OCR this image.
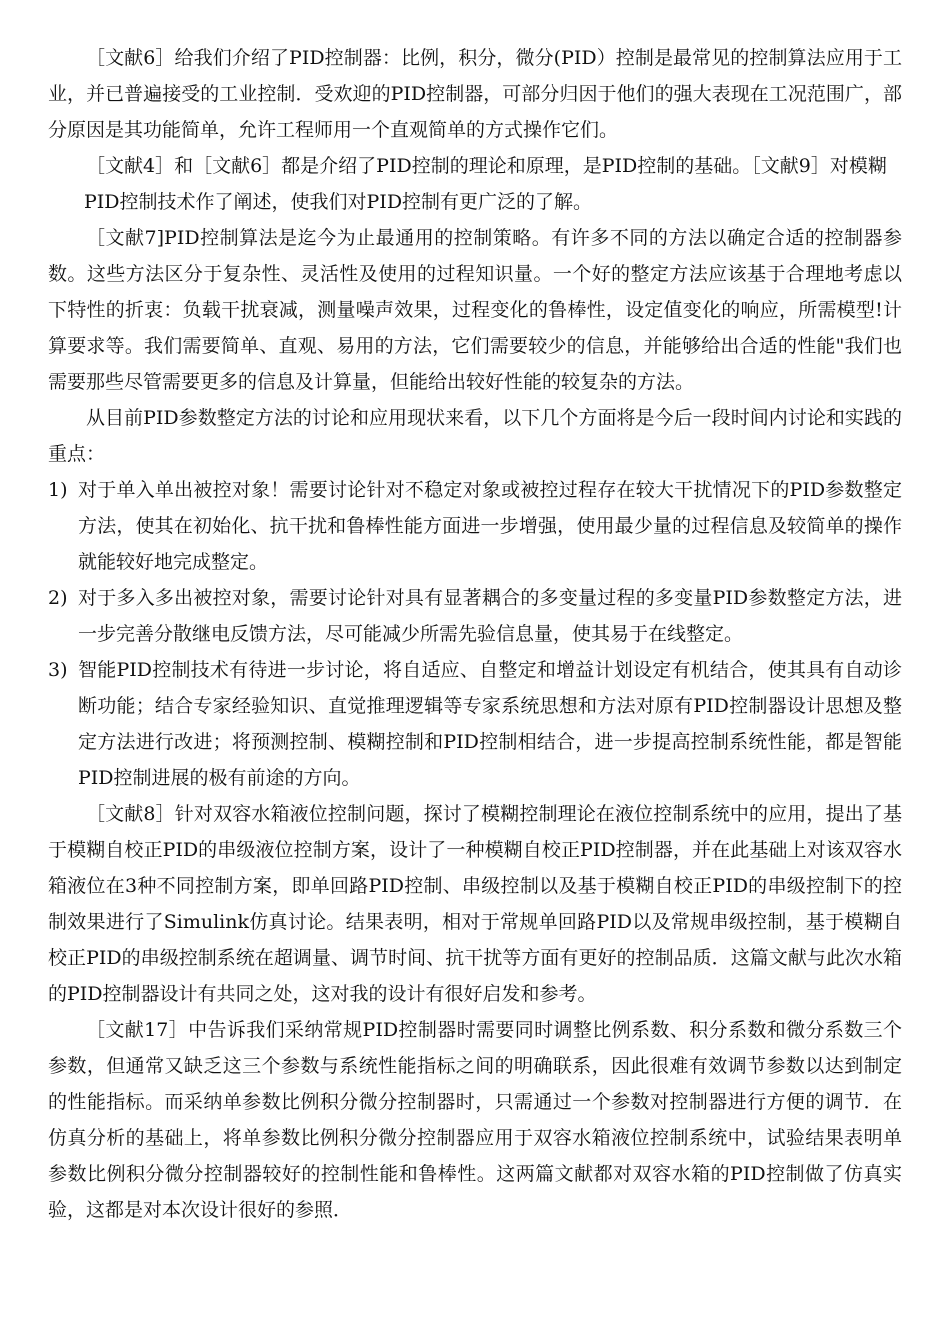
［文献6］给我们介绍了PID控制器：比例，积分，微分(PID）控制是最常见的控制算法应用于工业，并已普遍接受的工业控制．受欢迎的PID控制器，可部分归因于他们的强大表现在工况范围广，部分原因是其功能简单，允许工程师用一个直观简单的方式操作它们。

［文献4］和［文献6］都是介绍了PID控制的理论和原理，是PID控制的基础。［文献9］对模糊

PID控制技术作了阐述，使我们对PID控制有更广泛的了解。

［文献7]PID控制算法是迄今为止最通用的控制策略。有许多不同的方法以确定合适的控制器参数。这些方法区分于复杂性、灵活性及使用的过程知识量。一个好的整定方法应该基于合理地考虑以下特性的折衷：负载干扰衰减，测量噪声效果，过程变化的鲁棒性，设定值变化的响应，所需模型!计算要求等。我们需要简单、直观、易用的方法，它们需要较少的信息，并能够给出合适的性能"我们也需要那些尽管需要更多的信息及计算量，但能给出较好性能的较复杂的方法。

从目前PID参数整定方法的讨论和应用现状来看，以下几个方面将是今后一段时间内讨论和实践的重点：

1) 对于单入单出被控对象！需要讨论针对不稳定对象或被控过程存在较大干扰情况下的PID参数整定方法，使其在初始化、抗干扰和鲁棒性能方面进一步增强，使用最少量的过程信息及较简单的操作就能较好地完成整定。
2) 对于多入多出被控对象，需要讨论针对具有显著耦合的多变量过程的多变量PID参数整定方法，进一步完善分散继电反馈方法，尽可能减少所需先验信息量，使其易于在线整定。
3) 智能PID控制技术有待进一步讨论，将自适应、自整定和增益计划设定有机结合，使其具有自动诊断功能；结合专家经验知识、直觉推理逻辑等专家系统思想和方法对原有PID控制器设计思想及整定方法进行改进；将预测控制、模糊控制和PID控制相结合，进一步提高控制系统性能，都是智能PID控制进展的极有前途的方向。

［文献8］针对双容水箱液位控制问题，探讨了模糊控制理论在液位控制系统中的应用，提出了基于模糊自校正PID的串级液位控制方案，设计了一种模糊自校正PID控制器，并在此基础上对该双容水箱液位在3种不同控制方案，即单回路PID控制、串级控制以及基于模糊自校正PID的串级控制下的控制效果进行了Simulink仿真讨论。结果表明，相对于常规单回路PID以及常规串级控制，基于模糊自校正PID的串级控制系统在超调量、调节时间、抗干扰等方面有更好的控制品质．这篇文献与此次水箱的PID控制器设计有共同之处，这对我的设计有很好启发和参考。

［文献17］中告诉我们采纳常规PID控制器时需要同时调整比例系数、积分系数和微分系数三个参数，但通常又缺乏这三个参数与系统性能指标之间的明确联系，因此很难有效调节参数以达到制定的性能指标。而采纳单参数比例积分微分控制器时，只需通过一个参数对控制器进行方便的调节．在仿真分析的基础上，将单参数比例积分微分控制器应用于双容水箱液位控制系统中，试验结果表明单参数比例积分微分控制器较好的控制性能和鲁棒性。这两篇文献都对双容水箱的PID控制做了仿真实验，这都是对本次设计很好的参照．
